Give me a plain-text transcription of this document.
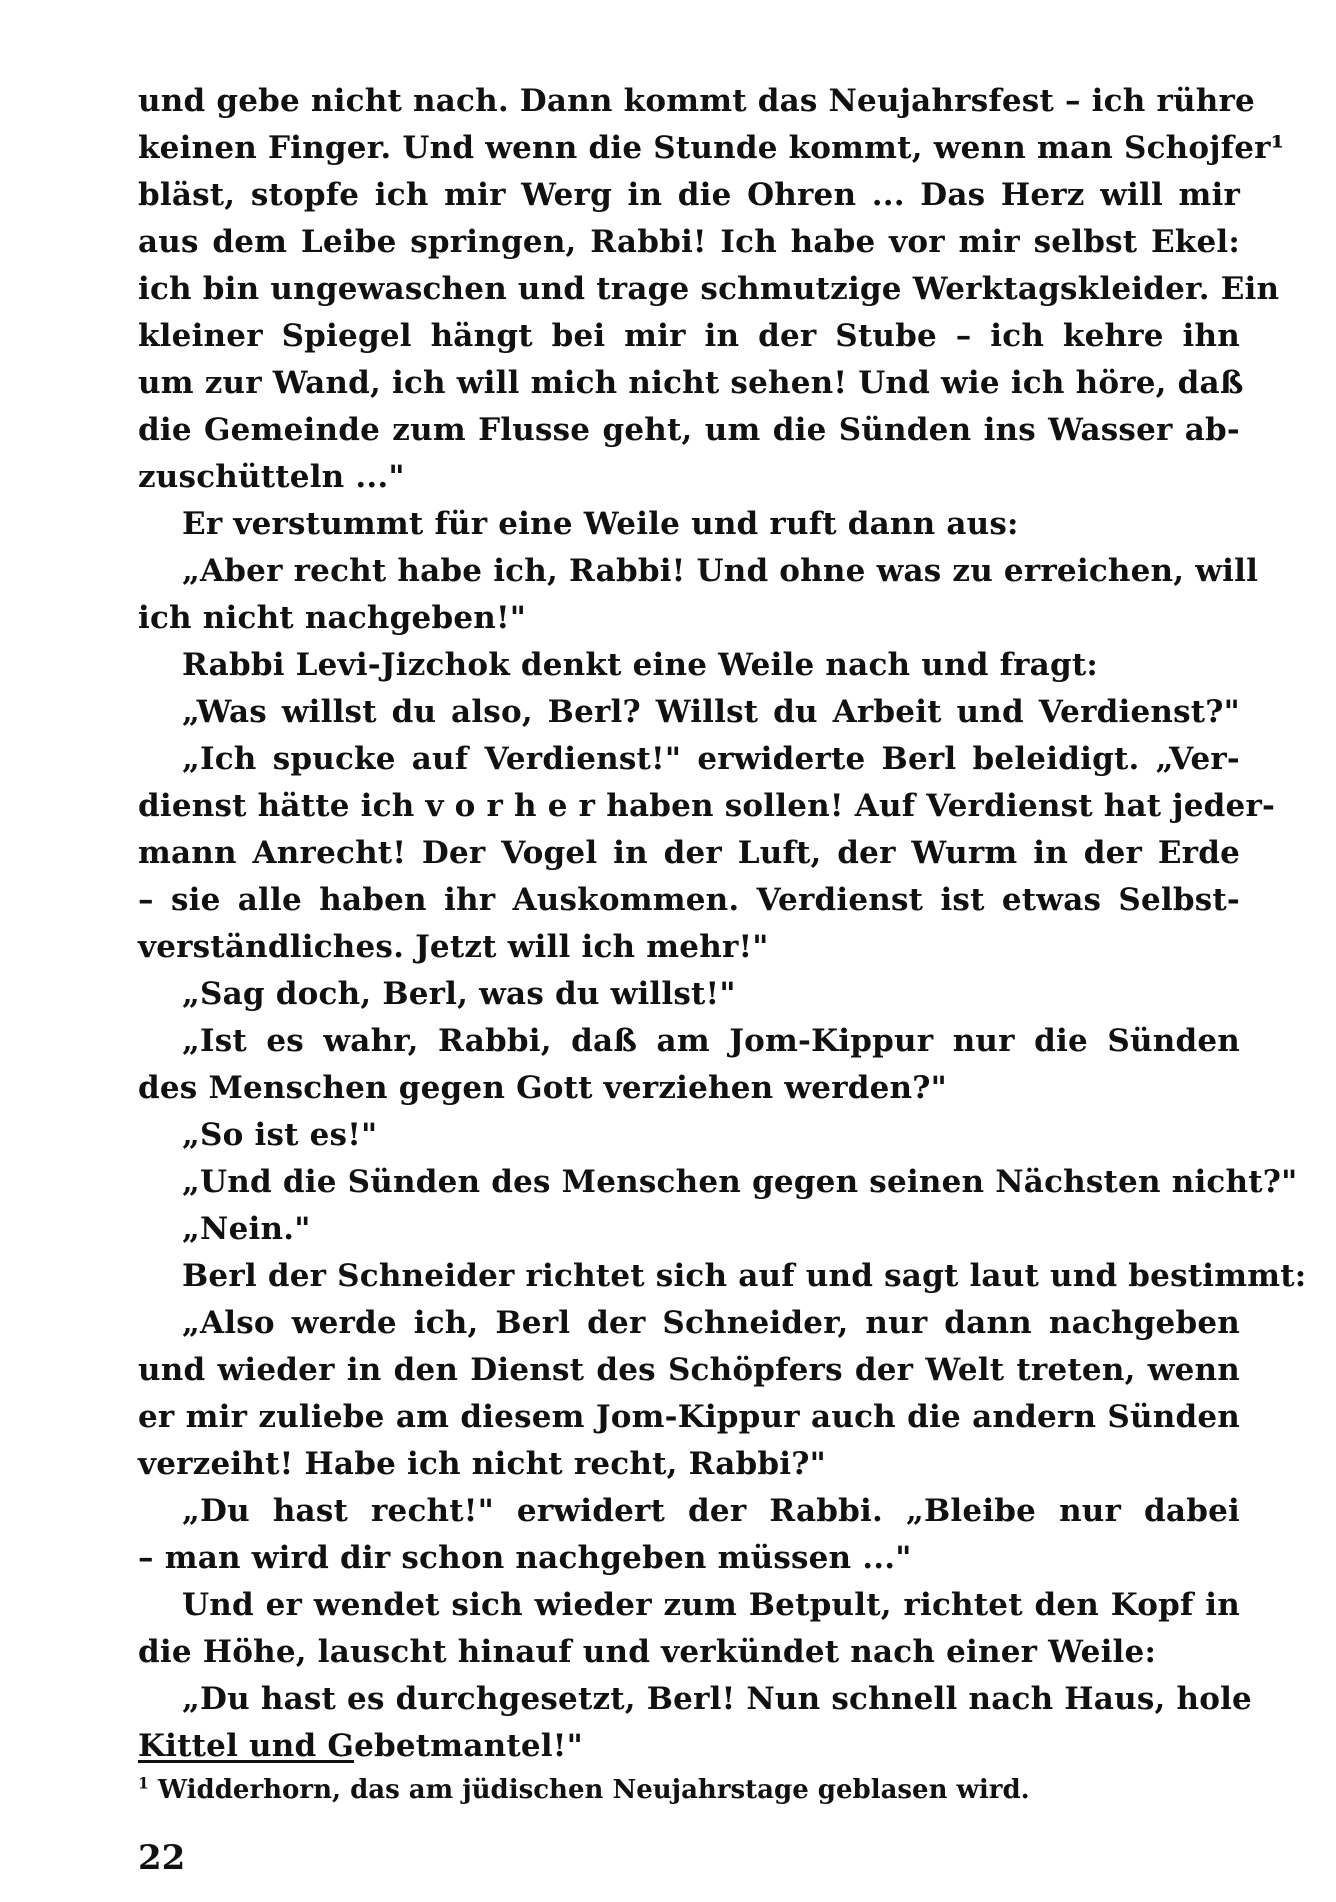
und gebe nicht nach. Dann kommt das Neujahrsfest – ich rühre
keinen Finger. Und wenn die Stunde kommt, wenn man Schojfer¹
bläst, stopfe ich mir Werg in die Ohren ... Das Herz will mir
aus dem Leibe springen, Rabbi! Ich habe vor mir selbst Ekel:
ich bin ungewaschen und trage schmutzige Werktagskleider. Ein
kleiner Spiegel hängt bei mir in der Stube – ich kehre ihn
um zur Wand, ich will mich nicht sehen! Und wie ich höre, daß
die Gemeinde zum Flusse geht, um die Sünden ins Wasser ab-
zuschütteln ..."
Er verstummt für eine Weile und ruft dann aus:
„Aber recht habe ich, Rabbi! Und ohne was zu erreichen, will
ich nicht nachgeben!"
Rabbi Levi-Jizchok denkt eine Weile nach und fragt:
„Was willst du also, Berl? Willst du Arbeit und Verdienst?"
„Ich spucke auf Verdienst!" erwiderte Berl beleidigt. „Ver-
dienst hätte ich v o r h e r haben sollen! Auf Verdienst hat jeder-
mann Anrecht! Der Vogel in der Luft, der Wurm in der Erde
– sie alle haben ihr Auskommen. Verdienst ist etwas Selbst-
verständliches. Jetzt will ich mehr!"
„Sag doch, Berl, was du willst!"
„Ist es wahr, Rabbi, daß am Jom-Kippur nur die Sünden
des Menschen gegen Gott verziehen werden?"
„So ist es!"
„Und die Sünden des Menschen gegen seinen Nächsten nicht?"
„Nein."
Berl der Schneider richtet sich auf und sagt laut und bestimmt:
„Also werde ich, Berl der Schneider, nur dann nachgeben
und wieder in den Dienst des Schöpfers der Welt treten, wenn
er mir zuliebe am diesem Jom-Kippur auch die andern Sünden
verzeiht! Habe ich nicht recht, Rabbi?"
„Du hast recht!" erwidert der Rabbi. „Bleibe nur dabei
– man wird dir schon nachgeben müssen ..."
Und er wendet sich wieder zum Betpult, richtet den Kopf in
die Höhe, lauscht hinauf und verkündet nach einer Weile:
„Du hast es durchgesetzt, Berl! Nun schnell nach Haus, hole
Kittel und Gebetmantel!"
$^1$ Widderhorn, das am jüdischen Neujahrstage geblasen wird.
22
